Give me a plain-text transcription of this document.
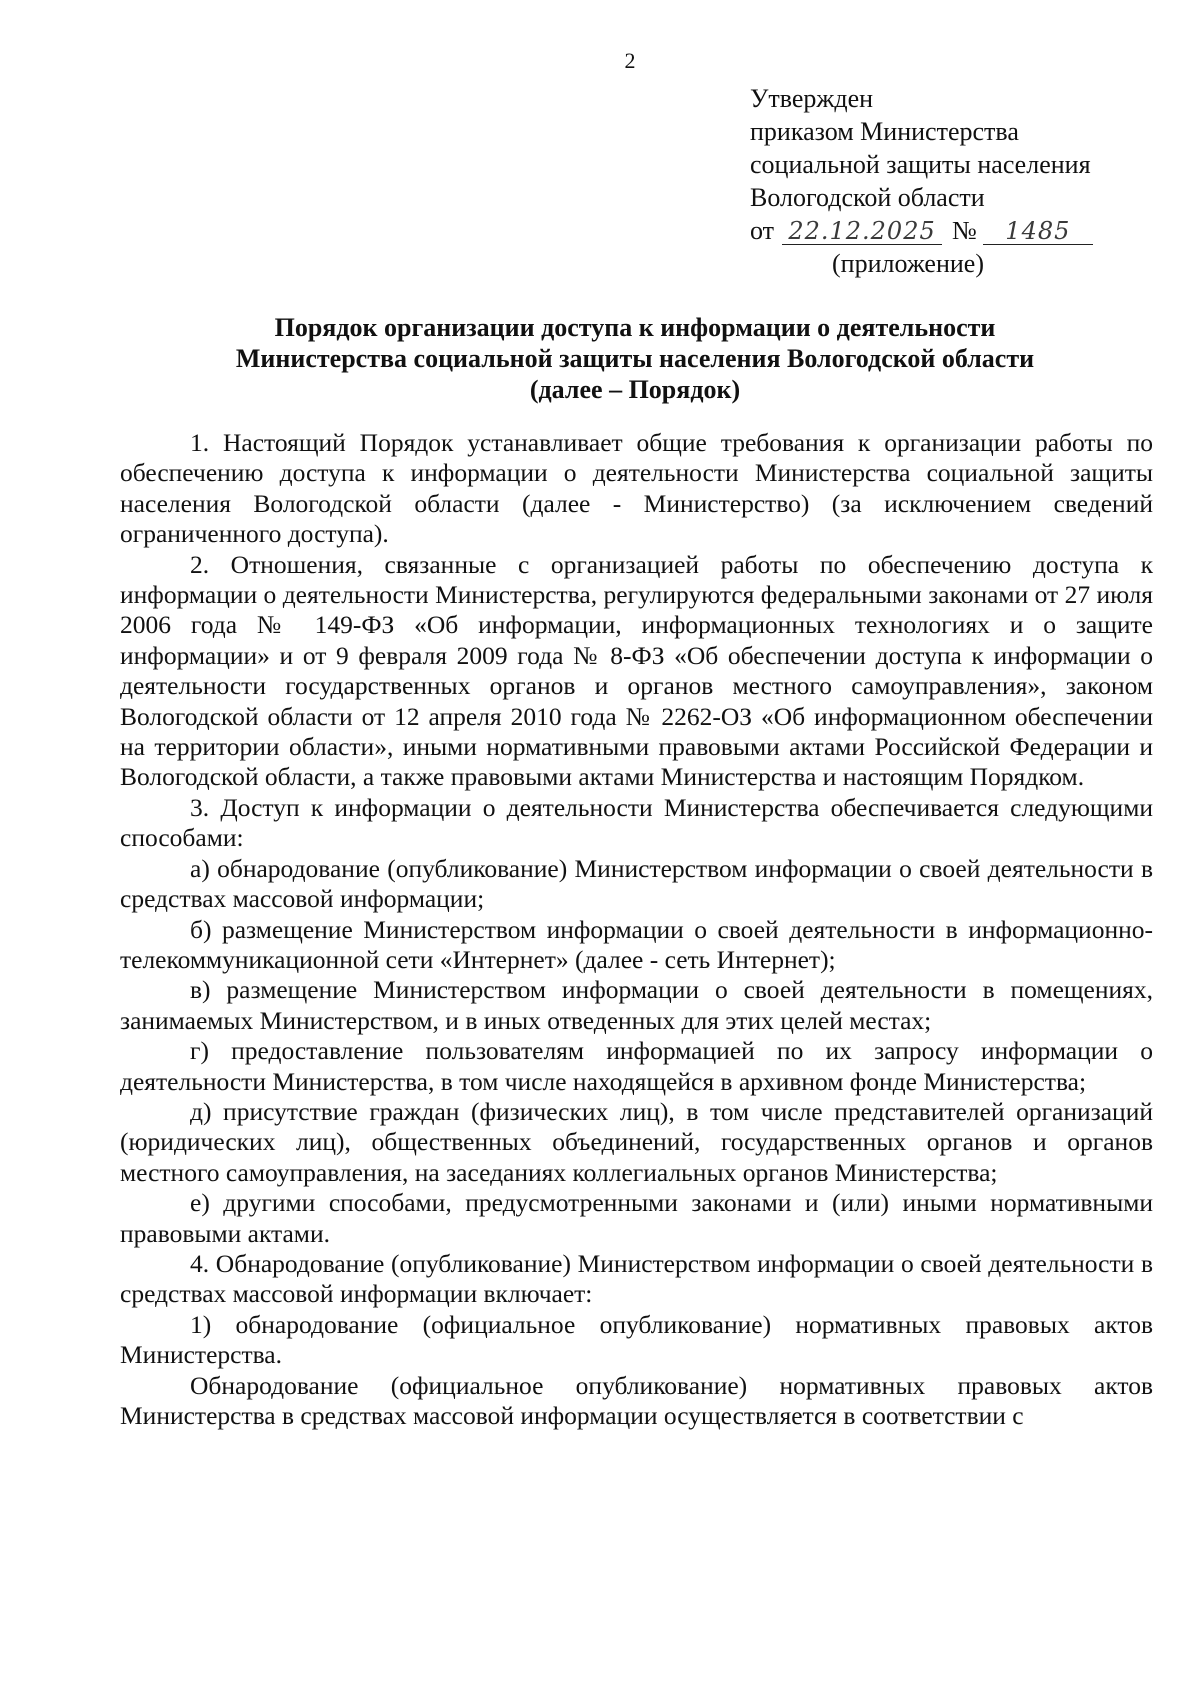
2
Утвержден
приказом Министерства
социальной защиты населения
Вологодской области
от 22.12.2025 №	1485
(приложение)
Порядок организации доступа к информации о деятельности
Министерства социальной защиты населения Вологодской области
(далее – Порядок)

1. Настоящий Порядок устанавливает общие требования к организации работы по обеспечению доступа к информации о деятельности Министерства социальной защиты населения Вологодской области (далее - Министерство) (за исключением сведений ограниченного доступа).

2. Отношения, связанные с организацией работы по обеспечению доступа к информации о деятельности Министерства, регулируются федеральными законами от 27 июля 2006 года № 149-ФЗ «Об информации, информационных технологиях и о защите информации» и от 9 февраля 2009 года № 8-ФЗ «Об обеспечении доступа к информации о деятельности государственных органов и органов местного самоуправления», законом Вологодской области от 12 апреля 2010 года № 2262-ОЗ «Об информационном обеспечении на территории области», иными нормативными правовыми актами Российской Федерации и Вологодской области, а также правовыми актами Министерства и настоящим Порядком.

3. Доступ к информации о деятельности Министерства обеспечивается следующими способами:

а) обнародование (опубликование) Министерством информации о своей деятельности в средствах массовой информации;

б) размещение Министерством информации о своей деятельности в информационно-телекоммуникационной сети «Интернет» (далее - сеть Интернет);

в) размещение Министерством информации о своей деятельности в помещениях, занимаемых Министерством, и в иных отведенных для этих целей местах;

г) предоставление пользователям информацией по их запросу информации о деятельности Министерства, в том числе находящейся в архивном фонде Министерства;

д) присутствие граждан (физических лиц), в том числе представителей организаций (юридических лиц), общественных объединений, государственных органов и органов местного самоуправления, на заседаниях коллегиальных органов Министерства;

е) другими способами, предусмотренными законами и (или) иными нормативными правовыми актами.

4. Обнародование (опубликование) Министерством информации о своей деятельности в средствах массовой информации включает:

1) обнародование (официальное опубликование) нормативных правовых актов Министерства.

Обнародование (официальное опубликование) нормативных правовых актов Министерства в средствах массовой информации осуществляется в соответствии с
